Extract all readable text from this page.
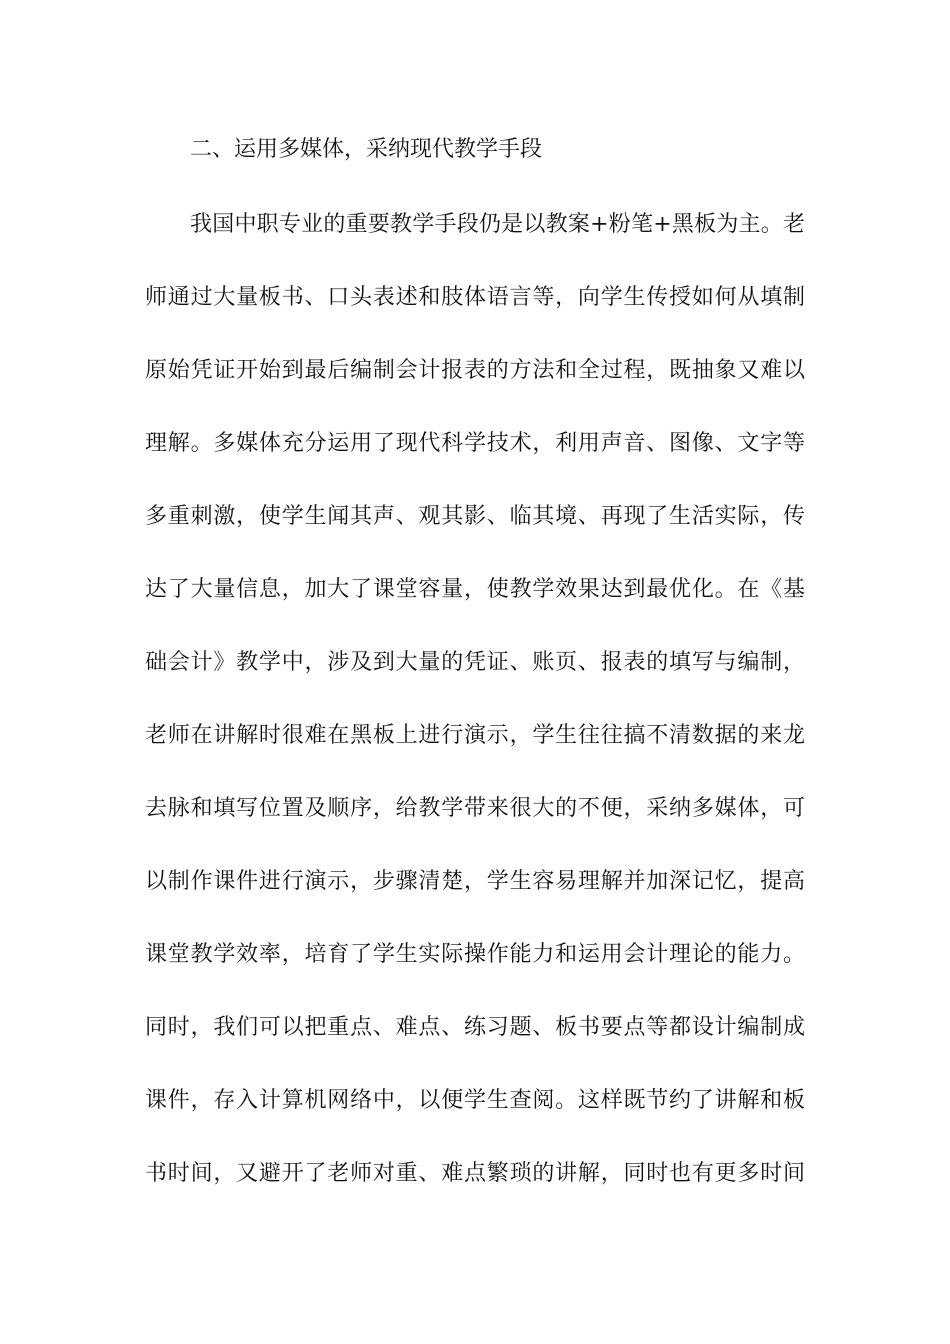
二、运用多媒体，采纳现代教学手段
我国中职专业的重要教学手段仍是以教案+粉笔+黑板为主。老
师通过大量板书、口头表述和肢体语言等，向学生传授如何从填制
原始凭证开始到最后编制会计报表的方法和全过程，既抽象又难以
理解。多媒体充分运用了现代科学技术，利用声音、图像、文字等
多重刺激，使学生闻其声、观其影、临其境、再现了生活实际，传
达了大量信息，加大了课堂容量，使教学效果达到最优化。在《基
础会计》教学中，涉及到大量的凭证、账页、报表的填写与编制，
老师在讲解时很难在黑板上进行演示，学生往往搞不清数据的来龙
去脉和填写位置及顺序，给教学带来很大的不便，采纳多媒体，可
以制作课件进行演示，步骤清楚，学生容易理解并加深记忆，提高
课堂教学效率，培育了学生实际操作能力和运用会计理论的能力。
同时，我们可以把重点、难点、练习题、板书要点等都设计编制成
课件，存入计算机网络中，以便学生查阅。这样既节约了讲解和板
书时间，又避开了老师对重、难点繁琐的讲解，同时也有更多时间
